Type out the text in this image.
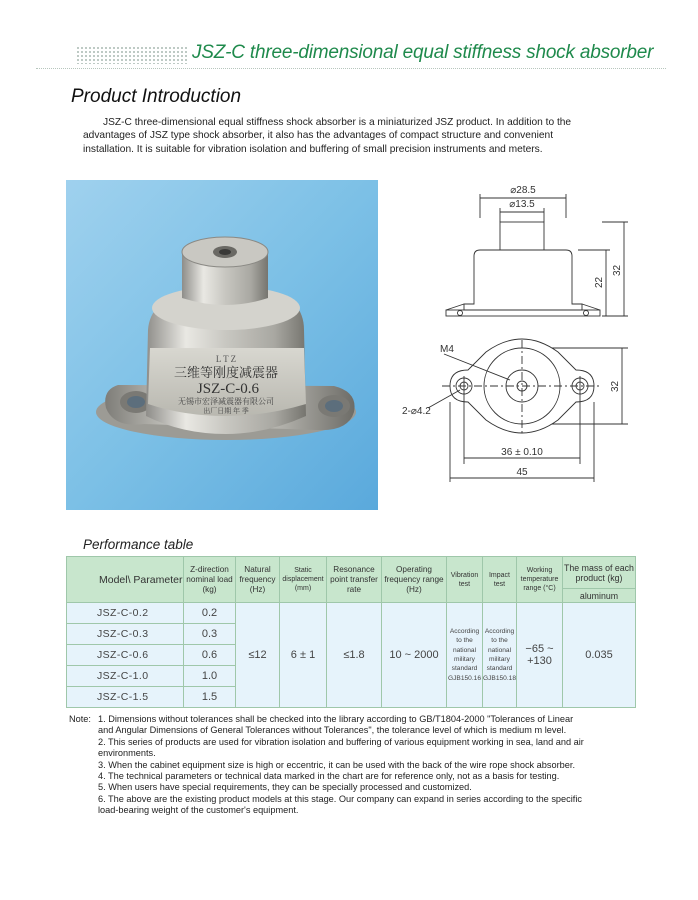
JSZ-C three-dimensional equal stiffness shock absorber
Product Introduction
JSZ-C three-dimensional equal stiffness shock absorber is a miniaturized JSZ product. In addition to the advantages of JSZ type shock absorber, it also has the advantages of compact structure and convenient installation. It is suitable for vibration isolation and buffering of small precision instruments and meters.
L T Z
三维等刚度减震器
JSZ-C-0.6
无锡市宏泽减震器有限公司
出厂日期 年 季
⌀28.5
⌀13.5
22
32
M4
2-⌀4.2
32
36 ± 0.10
45
Performance table
Model\ Parameter	Z-direction nominal load (kg)	Natural frequency (Hz)	Static displacement (mm)	Resonance point transfer rate	Operating frequency range (Hz)	Vibration test	Impact test	Working temperature range (°C)	The mass of each product (kg)
									aluminum
JSZ-C-0.2	0.2	≤12	6 ± 1	≤1.8	10 ~ 2000	According to the national military standard GJB150.16	According to the national military standard GJB150.18	−65 ~ +130	0.035
JSZ-C-0.3	0.3								
JSZ-C-0.6	0.6								
JSZ-C-1.0	1.0								
JSZ-C-1.5	1.5								
Note: 1. Dimensions without tolerances shall be checked into the library according to GB/T1804-2000 "Tolerances of Linear and Angular Dimensions of General Tolerances without Tolerances", the tolerance level of which is medium m level.
2. This series of products are used for vibration isolation and buffering of various equipment working in sea, land and air environments.
3. When the cabinet equipment size is high or eccentric, it can be used with the back of the wire rope shock absorber.
4. The technical parameters or technical data marked in the chart are for reference only, not as a basis for testing.
5. When users have special requirements, they can be specially processed and customized.
6. The above are the existing product models at this stage. Our company can expand in series according to the specific load-bearing weight of the customer's equipment.
